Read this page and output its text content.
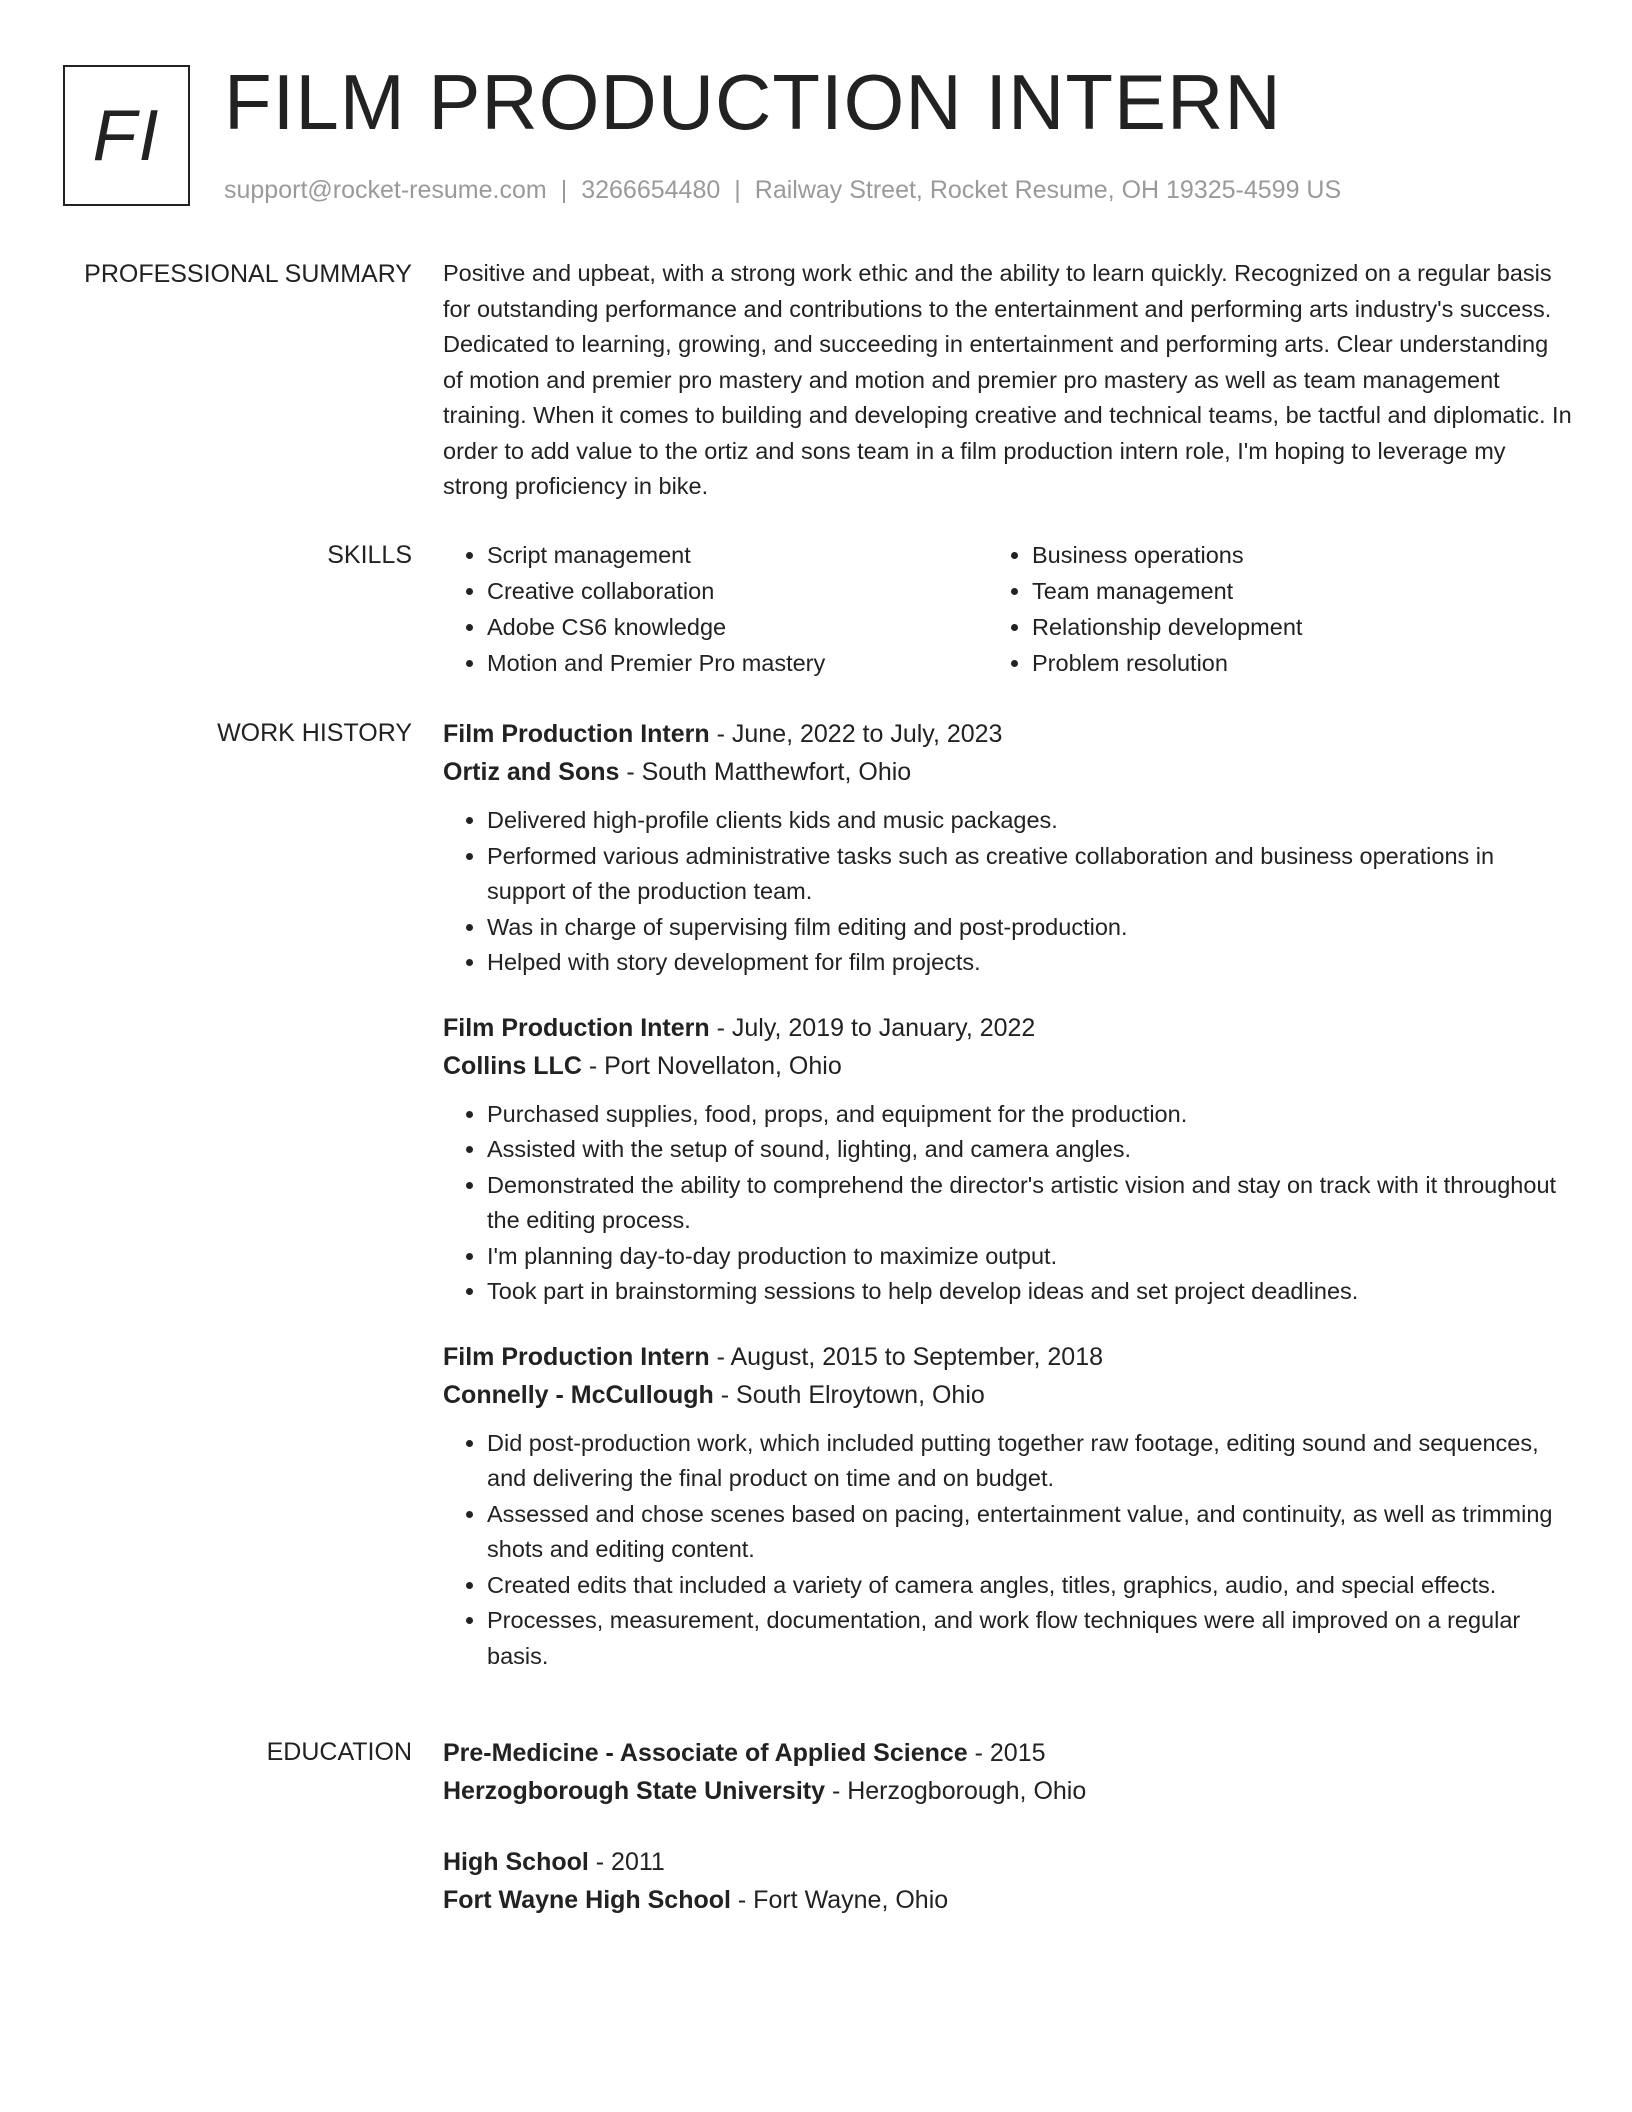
FI FILM PRODUCTION INTERN
support@rocket-resume.com | 3266654480 | Railway Street, Rocket Resume, OH 19325-4599 US
PROFESSIONAL SUMMARY Positive and upbeat, with a strong work ethic and the ability to learn quickly. Recognized on a regular basis for outstanding performance and contributions to the entertainment and performing arts industry's success. Dedicated to learning, growing, and succeeding in entertainment and performing arts. Clear understanding of motion and premier pro mastery and motion and premier pro mastery as well as team management training. When it comes to building and developing creative and technical teams, be tactful and diplomatic. In order to add value to the ortiz and sons team in a film production intern role, I'm hoping to leverage my strong proficiency in bike.

SKILLS
•	Script management
• Creative collaboration
• Adobe CS6 knowledge
• Motion and Premier Pro mastery
• Business operations
• Team management
• Relationship development
• Problem resolution
WORK HISTORY Film Production Intern - June, 2022 to July, 2023
Ortiz and Sons - South Matthewfort, Ohio
• Delivered high-profile clients kids and music packages.
• Performed various administrative tasks such as creative collaboration and business operations in support of the production team.
• Was in charge of supervising film editing and post-production.
• Helped with story development for film projects.
Film Production Intern - July, 2019 to January, 2022
Collins LLC - Port Novellaton, Ohio
• Purchased supplies, food, props, and equipment for the production.
• Assisted with the setup of sound, lighting, and camera angles.
• Demonstrated the ability to comprehend the director's artistic vision and stay on track with it throughout the editing process.
• I'm planning day-to-day production to maximize output.
• Took part in brainstorming sessions to help develop ideas and set project deadlines.
Film Production Intern - August, 2015 to September, 2018
Connelly - McCullough - South Elroytown, Ohio
• Did post-production work, which included putting together raw footage, editing sound and sequences, and delivering the final product on time and on budget.
• Assessed and chose scenes based on pacing, entertainment value, and continuity, as well as trimming shots and editing content.
• Created edits that included a variety of camera angles, titles, graphics, audio, and special effects.
• Processes, measurement, documentation, and work flow techniques were all improved on a regular basis.
EDUCATION Pre-Medicine - Associate of Applied Science - 2015
Herzogborough State University - Herzogborough, Ohio
High School - 2011
Fort Wayne High School - Fort Wayne, Ohio
